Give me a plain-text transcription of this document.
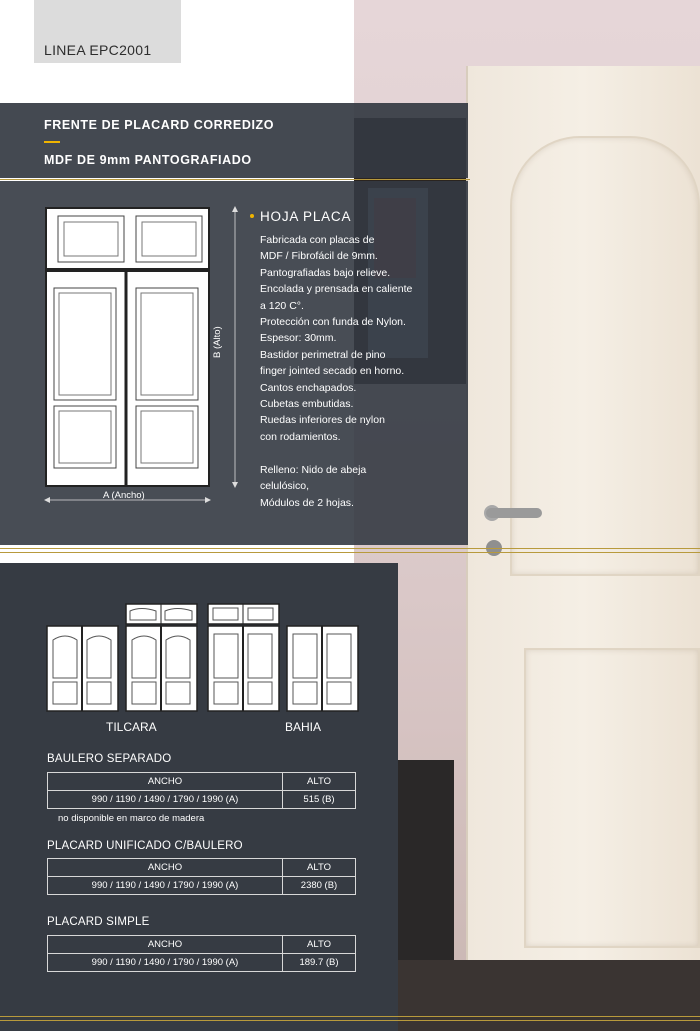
LINEA EPC2001
FRENTE DE PLACARD CORREDIZO
MDF DE 9mm PANTOGRAFIADO
B (Alto)
A (Ancho)
HOJA PLACA
Fabricada con placas de
MDF / Fibrofácil de 9mm.
Pantografiadas bajo relieve.
Encolada y prensada en caliente
a 120 C°.
Protección con funda de Nylon.
Espesor: 30mm.
Bastidor perimetral de pino
finger jointed secado en horno.
Cantos enchapados.
Cubetas embutidas.
Ruedas inferiores de nylon
con rodamientos.

Relleno: Nido de abeja
celulósico,
Módulos de 2 hojas.
TILCARA	BAHIA
BAULERO SEPARADO
ANCHO	ALTO
990 / 1190 / 1490 / 1790 / 1990 (A)	515 (B)
no disponible en marco de madera
PLACARD UNIFICADO C/BAULERO
ANCHO	ALTO
990 / 1190 / 1490 / 1790 / 1990 (A)	2380 (B)
PLACARD SIMPLE
ANCHO	ALTO
990 / 1190 / 1490 / 1790 / 1990 (A)	189.7 (B)
